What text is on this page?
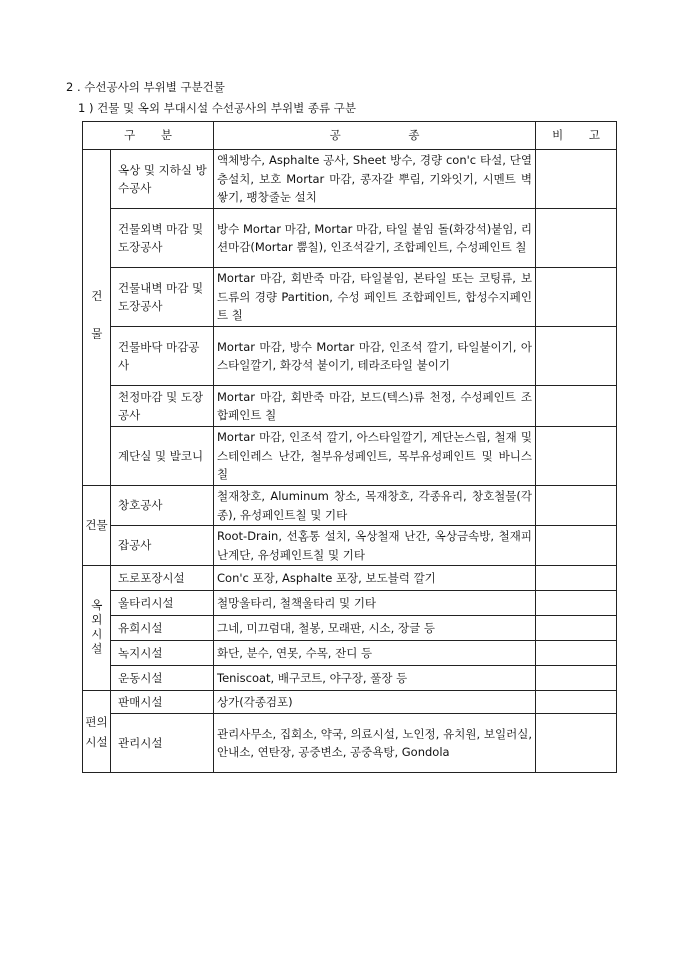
2 . 수선공사의 부위별 구분건물
1 ) 건물 및 옥외 부대시설 수선공사의 부위별 종류 구분
구 분		공 종	비 고

건 물	옥상 및 지하실 방수공사	액체방수, Asphalte 공사, Sheet 방수, 경량 con'c 타설, 단열층설치, 보호 Mortar 마감, 콩자갈 뿌림, 기와잇기, 시멘트 벽쌓기, 팽창줄눈 설치	
	건물외벽 마감 및 도장공사	방수 Mortar 마감, Mortar 마감, 타일 붙임 돌(화강석)붙임, 리션마감(Mortar 뿜칠), 인조석갈기, 조합페인트, 수성페인트 칠	
	건물내벽 마감 및 도장공사	Mortar 마감, 회반죽 마감, 타일붙임, 본타일 또는 코팅류, 보드류의 경량 Partition, 수성 페인트 조합페인트, 합성수지페인트 칠	
	건물바닥 마감공사	Mortar 마감, 방수 Mortar 마감, 인조석 깔기, 타일붙이기, 아스타일깔기, 화강석 붙이기, 테라조타일 붙이기	
	천정마감 및 도장공사	Mortar 마감, 회반죽 마감, 보드(텍스)류 천정, 수성페인트 조합페인트 칠	
	계단실 및 발코니	Mortar 마감, 인조석 깔기, 아스타일깔기, 계단논스립, 철재 및 스테인레스 난간, 철부유성페인트, 목부유성페인트 및 바니스 칠	
건물	창호공사	철재창호, Aluminum 창소, 목재창호, 각종유리, 창호철물(각종), 유성페인트칠 및 기타	
	잡공사	Root-Drain, 선홈통 설치, 옥상철재 난간, 옥상금속방, 철재피난계단, 유성페인트칠 및 기타	

옥외시설	도로포장시설	Con'c 포장, Asphalte 포장, 보도블럭 깔기	
	울타리시설	철망울타리, 철책울타리 및 기타	
	유희시설	그네, 미끄럼대, 철봉, 모래판, 시소, 장글 등	
	녹지시설	화단, 분수, 연못, 수목, 잔디 등	
	운동시설	Teniscoat, 배구코트, 야구장, 풀장 등	

편의시설	판매시설	상가(각종검포)	
	관리시설	관리사무소, 집회소, 약국, 의료시설, 노인정, 유치원, 보일러실, 안내소, 연탄장, 공중변소, 공중욕탕, Gondola	
